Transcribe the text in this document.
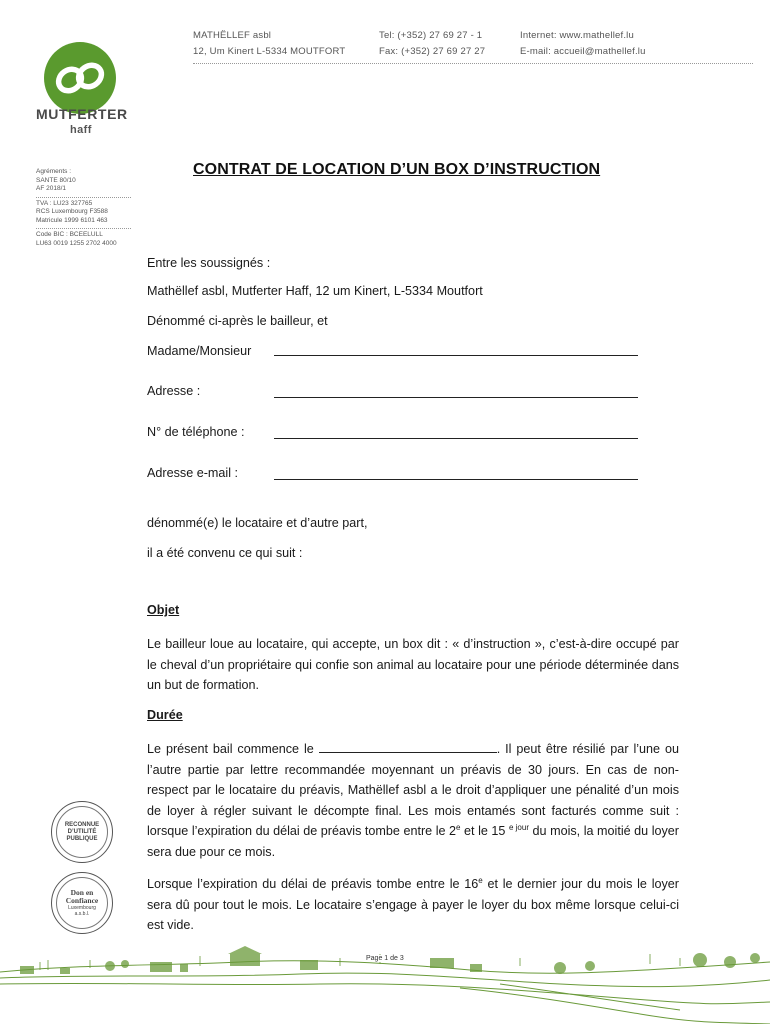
MUTFERTER
haff
MATHËLLEF asbl
12, Um Kinert L-5334 MOUTFORT
Tel: (+352) 27 69 27 - 1
Fax: (+352) 27 69 27 27
Internet: www.mathellef.lu
E-mail: accueil@mathellef.lu
Agréments :
SANTE 80/10
AF 2018/1
TVA : LU23 327765
RCS Luxembourg F3588
Matricule 1999 6101 463
Code BIC : BCEELULL
LU63 0019 1255 2702 4000
CONTRAT DE LOCATION D’UN BOX D’INSTRUCTION
Entre les soussignés :
Mathëllef asbl, Mutferter Haff, 12 um Kinert, L-5334 Moutfort
Dénommé ci-après le bailleur, et
Madame/Monsieur
Adresse :
N° de téléphone :
Adresse e-mail :
dénommé(e) le locataire et d’autre part,
il a été convenu ce qui suit :
Objet
Le bailleur loue au locataire, qui accepte, un box dit : « d’instruction », c’est-à-dire occupé par le cheval d’un propriétaire qui confie son animal au locataire pour une période déterminée dans un but de formation.
Durée
Le présent bail commence le	. Il peut être résilié par l’une ou l’autre partie par lettre recommandée moyennant un préavis de 30 jours. En cas de non-respect par le locataire du préavis, Mathëllef asbl a le droit d’appliquer une pénalité d’un mois de loyer à régler suivant le décompte final. Les mois entamés sont facturés comme suit : lorsque l’expiration du délai de préavis tombe entre le 2e et le 15 $^{e jour}$ du mois, la moitié du loyer sera due pour ce mois.
Lorsque l’expiration du délai de préavis tombe entre le 16e et le dernier jour du mois le loyer sera dû pour tout le mois. Le locataire s’engage à payer le loyer du box même lorsque celui-ci est vide.
RECONNUE D’UTILITÉ PUBLIQUE
Don en Confiance
Luxembourg a.s.b.l.
Page 1 de 3
